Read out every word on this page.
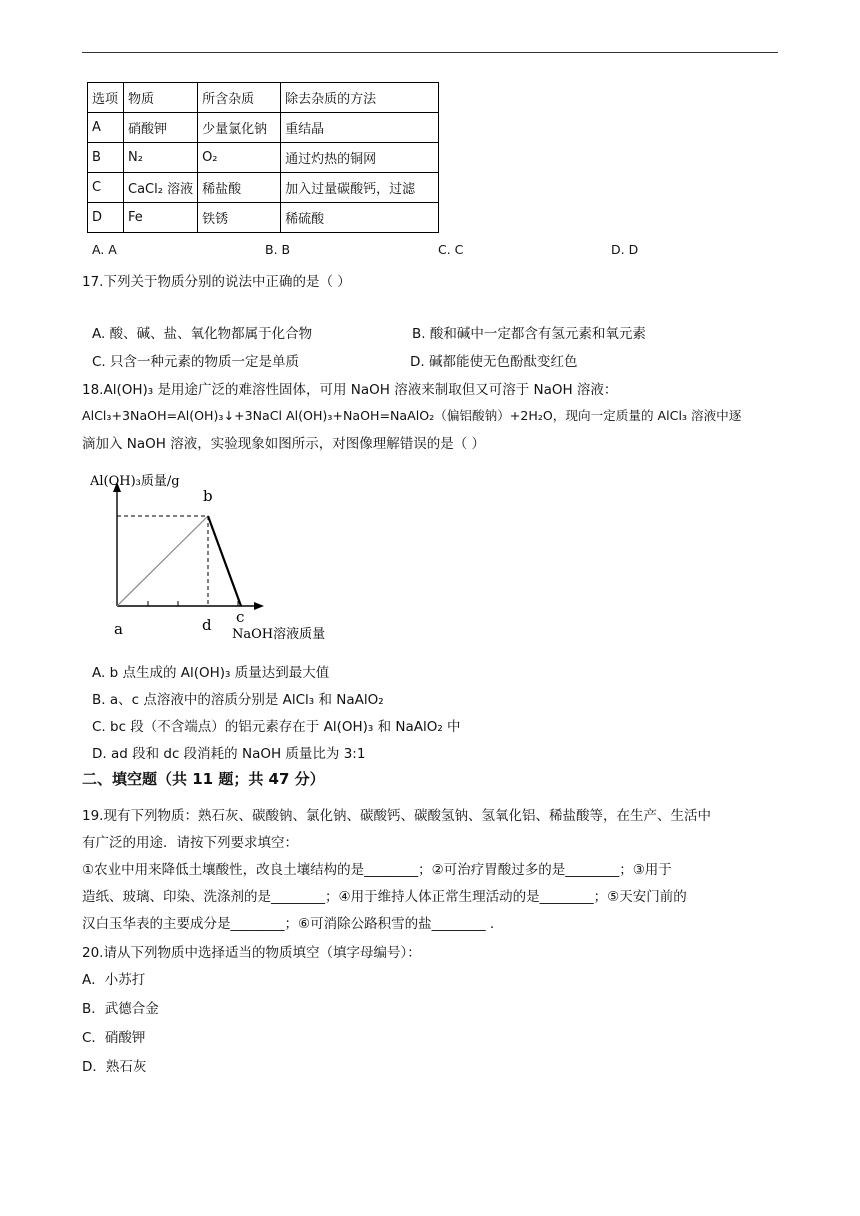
选项	物质	所含杂质	除去杂质的方法
A	硝酸钾	少量氯化钠	重结晶
B	N₂	O₂	通过灼热的铜网
C	CaCl₂ 溶液	稀盐酸	加入过量碳酸钙，过滤
D	Fe	铁锈	稀硫酸
A. A	B. B	C. C	D. D
17.下列关于物质分别的说法中正确的是（ ）
A. 酸、碱、盐、氧化物都属于化合物	B. 酸和碱中一定都含有氢元素和氧元素
C. 只含一种元素的物质一定是单质	D. 碱都能使无色酚酞变红色
18.Al(OH)₃ 是用途广泛的难溶性固体，可用 NaOH 溶液来制取但又可溶于 NaOH 溶液：
AlCl₃+3NaOH=Al(OH)₃↓+3NaCl Al(OH)₃+NaOH=NaAlO₂（偏铝酸钠）+2H₂O，现向一定质量的 AlCl₃ 溶液中逐
滴加入 NaOH 溶液，实验现象如图所示，对图像理解错误的是（ ）
Al(OH)₃质量/g
b
a	d c
NaOH溶液质量
A. b 点生成的 Al(OH)₃ 质量达到最大值
B. a、c 点溶液中的溶质分别是 AlCl₃ 和 NaAlO₂
C. bc 段（不含端点）的铝元素存在于 Al(OH)₃ 和 NaAlO₂ 中
D. ad 段和 dc 段消耗的 NaOH 质量比为 3:1
二、填空题（共 11 题；共 47 分）
19.现有下列物质：熟石灰、碳酸钠、氯化钠、碳酸钙、碳酸氢钠、氢氧化铝、稀盐酸等，在生产、生活中
有广泛的用途．请按下列要求填空：
①农业中用来降低土壤酸性，改良土壤结构的是________；②可治疗胃酸过多的是________；③用于
造纸、玻璃、印染、洗涤剂的是________；④用于维持人体正常生理活动的是________；⑤天安门前的
汉白玉华表的主要成分是________；⑥可消除公路积雪的盐________ .
20.请从下列物质中选择适当的物质填空（填字母编号）：
A．小苏打
B．武德合金
C．硝酸钾
D．熟石灰
